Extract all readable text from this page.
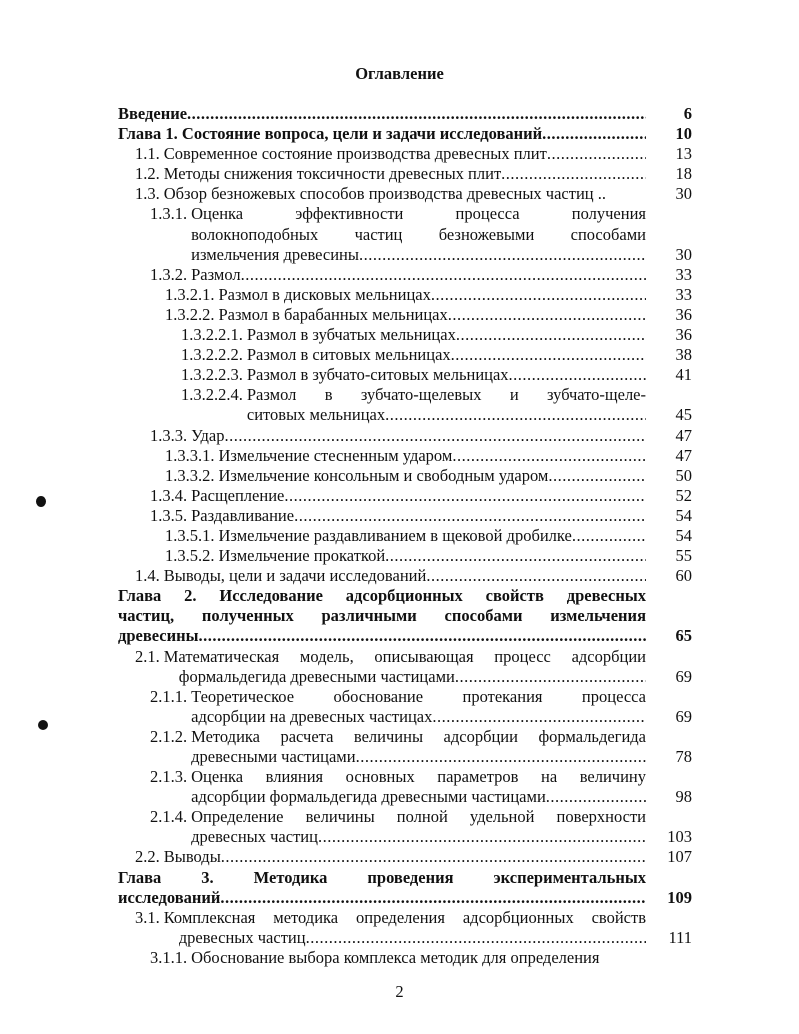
Оглавление
Введение .....	6
Глава 1. Состояние вопроса, цели и задачи исследований .....	10
1.1. Современное состояние производства древесных плит .....	13
1.2. Методы снижения токсичности древесных плит .....	18
1.3. Обзор безножевых способов производства древесных частиц ..	30
1.3.1. Оценка эффективности процесса получения
волокноподобных частиц безножевыми способами
измельчения древесины .....	30
1.3.2. Размол .....	33
1.3.2.1. Размол в дисковых мельницах .....	33
1.3.2.2. Размол в барабанных мельницах .....	36
1.3.2.2.1. Размол в зубчатых мельницах .....	36
1.3.2.2.2. Размол в ситовых мельницах .....	38
1.3.2.2.3. Размол в зубчато-ситовых мельницах .....	41
1.3.2.2.4. Размол в зубчато-щелевых и зубчато-щеле-
ситовых мельницах .....	45
1.3.3. Удар .....	47
1.3.3.1. Измельчение стесненным ударом .....	47
1.3.3.2. Измельчение консольным и свободным ударом .....	50
1.3.4. Расщепление .....	52
1.3.5. Раздавливание .....	54
1.3.5.1. Измельчение раздавливанием в щековой дробилке .....	54
1.3.5.2. Измельчение прокаткой .....	55
1.4. Выводы, цели и задачи исследований .....	60
Глава 2. Исследование адсорбционных свойств древесных
частиц, полученных различными способами измельчения
древесины .....	65
2.1. Математическая модель, описывающая процесс адсорбции
формальдегида древесными частицами .....	69
2.1.1. Теоретическое обоснование протекания процесса
адсорбции на древесных частицах .....	69
2.1.2. Методика расчета величины адсорбции формальдегида
древесными частицами .....	78
2.1.3. Оценка влияния основных параметров на величину
адсорбции формальдегида древесными частицами .....	98
2.1.4. Определение величины полной удельной поверхности
древесных частиц .....	103
2.2. Выводы .....	107
Глава 3. Методика проведения экспериментальных
исследований .....	109
3.1. Комплексная методика определения адсорбционных свойств
древесных частиц .....	111
3.1.1. Обоснование выбора комплекса методик для определения
2
